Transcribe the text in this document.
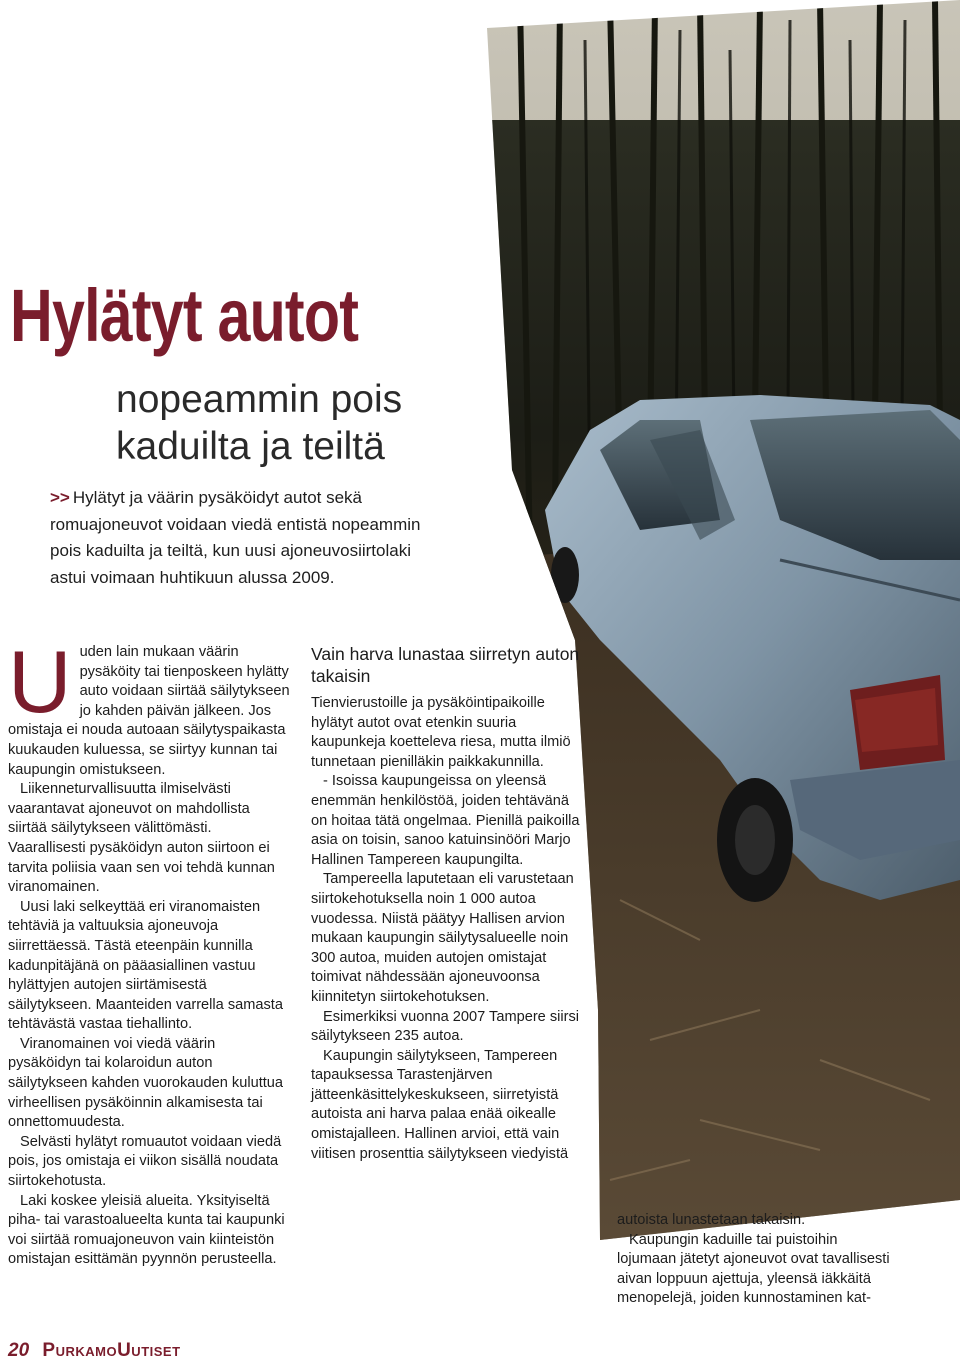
Hylätyt autot
nopeammin pois
kaduilta ja teiltä
>> Hylätyt ja väärin pysäköidyt autot sekä
romuajoneuvot voidaan viedä entistä nopeammin
pois kaduilta ja teiltä, kun uusi ajoneuvosiirtolaki
astui voimaan huhtikuun alussa 2009.

Uuden lain mukaan väärin pysäköity tai tienposkeen hylätty auto voidaan siirtää säilytykseen jo kahden päivän jälkeen. Jos omistaja ei nouda autoaan säilytyspaikasta kuukauden kuluessa, se siirtyy kunnan tai kaupungin omistukseen.

Liikenneturvallisuutta ilmiselvästi vaarantavat ajoneuvot on mahdollista siirtää säilytykseen välittömästi. Vaarallisesti pysäköidyn auton siirtoon ei tarvita poliisia vaan sen voi tehdä kunnan viranomainen.

Uusi laki selkeyttää eri viranomaisten tehtäviä ja valtuuksia ajoneuvoja siirrettäessä. Tästä eteenpäin kunnilla kadunpitäjänä on pääasiallinen vastuu hylättyjen autojen siirtämisestä säilytykseen. Maanteiden varrella samasta tehtävästä vastaa tiehallinto.

Viranomainen voi viedä väärin pysäköidyn tai kolaroidun auton säilytykseen kahden vuorokauden kuluttua virheellisen pysäköinnin alkamisesta tai onnettomuudesta.

Selvästi hylätyt romuautot voidaan viedä pois, jos omistaja ei viikon sisällä noudata siirtokehotusta.

Laki koskee yleisiä alueita. Yksityiseltä piha- tai varastoalueelta kunta tai kaupunki voi siirtää romuajoneuvon vain kiinteistön omistajan esittämän pyynnön perusteella.

Vain harva lunastaa siirretyn auton takaisin

Tienvierustoille ja pysäköintipaikoille hylätyt autot ovat etenkin suuria kaupunkeja koettelevа riesa, mutta ilmiö tunnetaan pienilläkin paikkakunnilla.

- Isoissa kaupungeissa on yleensä enemmän henkilöstöä, joiden tehtävänä on hoitaa tätä ongelmaa. Pienillä paikoilla asia on toisin, sanoo katuinsinööri Marjo Hallinen Tampereen kaupungilta.

Tampereella laputetaan eli varustetaan siirtokehotuksella noin 1 000 autoa vuodessa. Niistä päätyy Hallisen arvion mukaan kaupungin säilytysalueelle noin 300 autoa, muiden autojen omistajat toimivat nähdessään ajoneuvoonsa kiinnitetyn siirtokehotuksen.

Esimerkiksi vuonna 2007 Tampere siirsi säilytykseen 235 autoa.

Kaupungin säilytykseen, Tampereen tapauksessa Tarastenjärven jätteenkäsittelykeskukseen, siirretyistä autoista ani harva palaa enää oikealle omistajalleen. Hallinen arvioi, että vain viitisen prosenttia säilytykseen viedyistä

autoista lunastetaan takaisin.

Kaupungin kaduille tai puistoihin lojumaan jätetyt ajoneuvot ovat tavallisesti aivan loppuun ajettuja, yleensä iäkkäitä menopelejä, joiden kunnostaminen kat-

20 PurkamoUutiset
